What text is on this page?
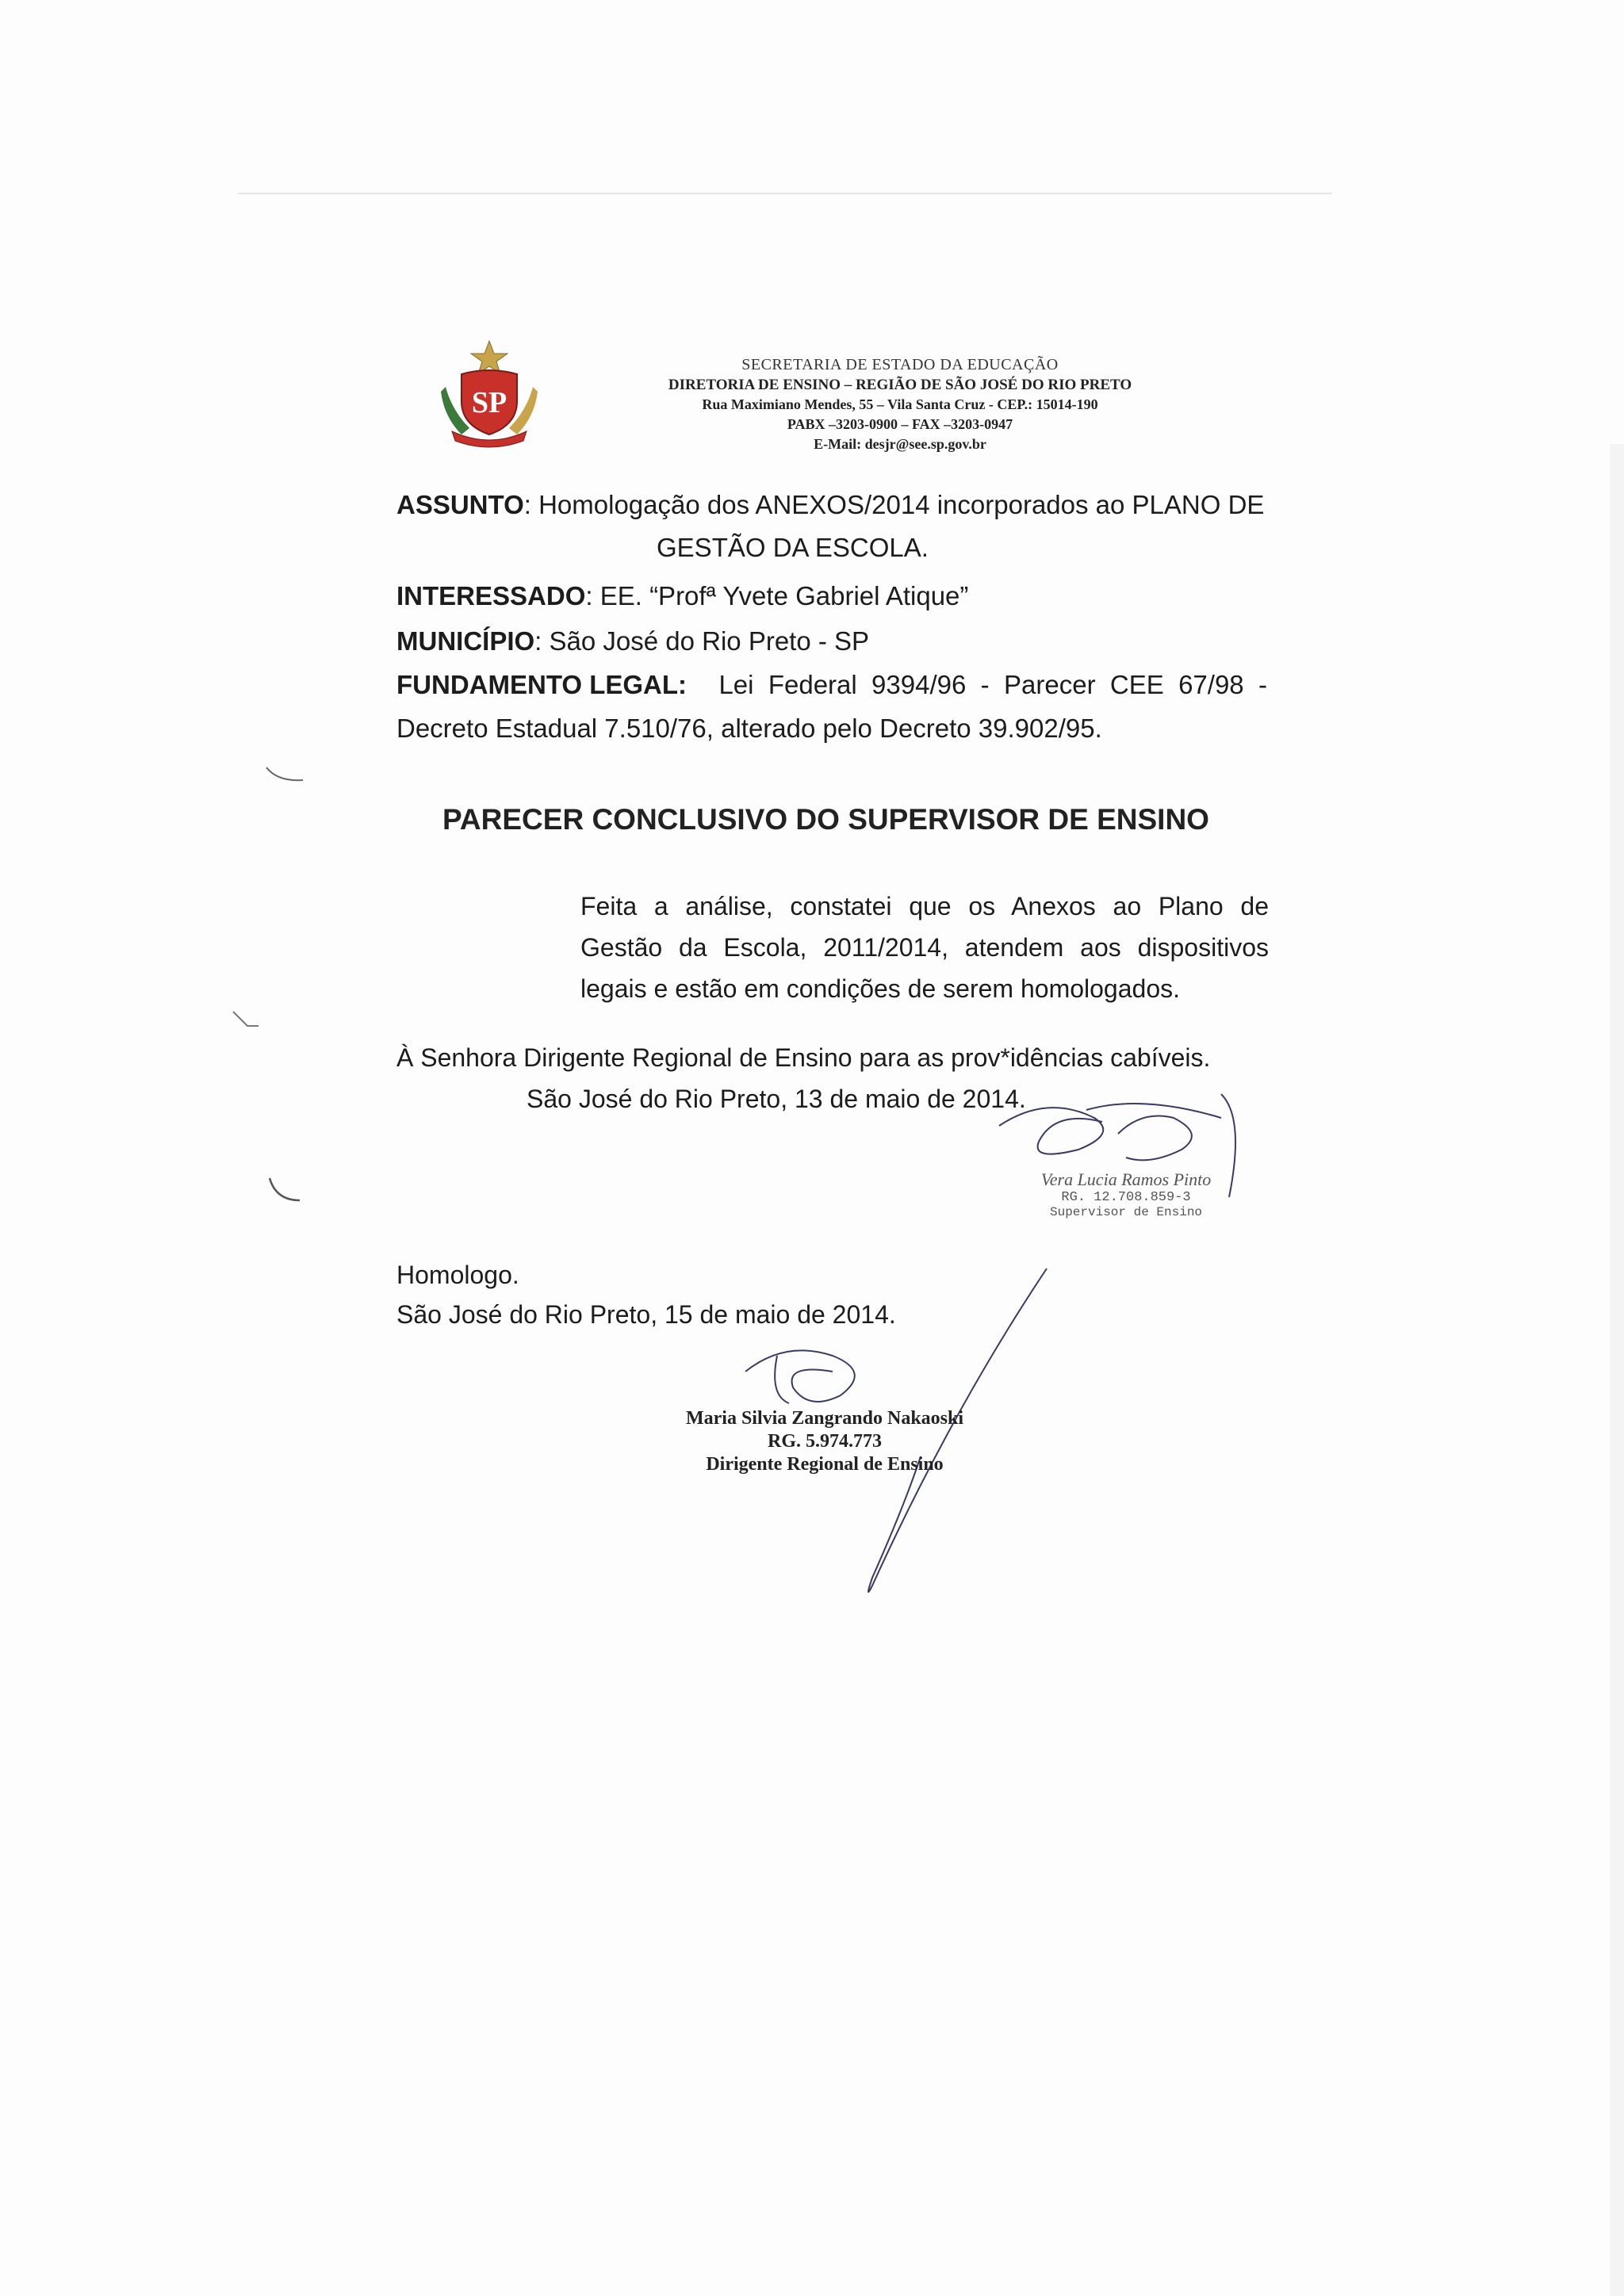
SP
SECRETARIA DE ESTADO DA EDUCAÇÃO
DIRETORIA DE ENSINO – REGIÃO DE SÃO JOSÉ DO RIO PRETO
Rua Maximiano Mendes, 55 – Vila Santa Cruz - CEP.: 15014-190
PABX –3203-0900 – FAX –3203-0947
E-Mail: desjr@see.sp.gov.br
ASSUNTO: Homologação dos ANEXOS/2014 incorporados ao PLANO DE
GESTÃO DA ESCOLA.
INTERESSADO: EE. “Profª Yvete Gabriel Atique”
MUNICÍPIO: São José do Rio Preto - SP
FUNDAMENTO LEGAL: Lei  Federal  9394/96  -  Parecer  CEE  67/98  -
Decreto Estadual 7.510/76, alterado pelo Decreto 39.902/95.
PARECER CONCLUSIVO DO SUPERVISOR DE ENSINO
Feita  a  análise,  constatei  que  os  Anexos  ao  Plano  de
Gestão  da  Escola,  2011/2014,  atendem  aos  dispositivos
legais e estão em condições de serem homologados.
À Senhora Dirigente Regional de Ensino para as prov*idências cabíveis.
São José do Rio Preto, 13 de maio de 2014.
Vera Lucia Ramos Pinto
RG. 12.708.859-3
Supervisor de Ensino
Homologo.
São José do Rio Preto, 15 de maio de 2014.
Maria Silvia Zangrando Nakaoski
RG. 5.974.773
Dirigente Regional de Ensino
